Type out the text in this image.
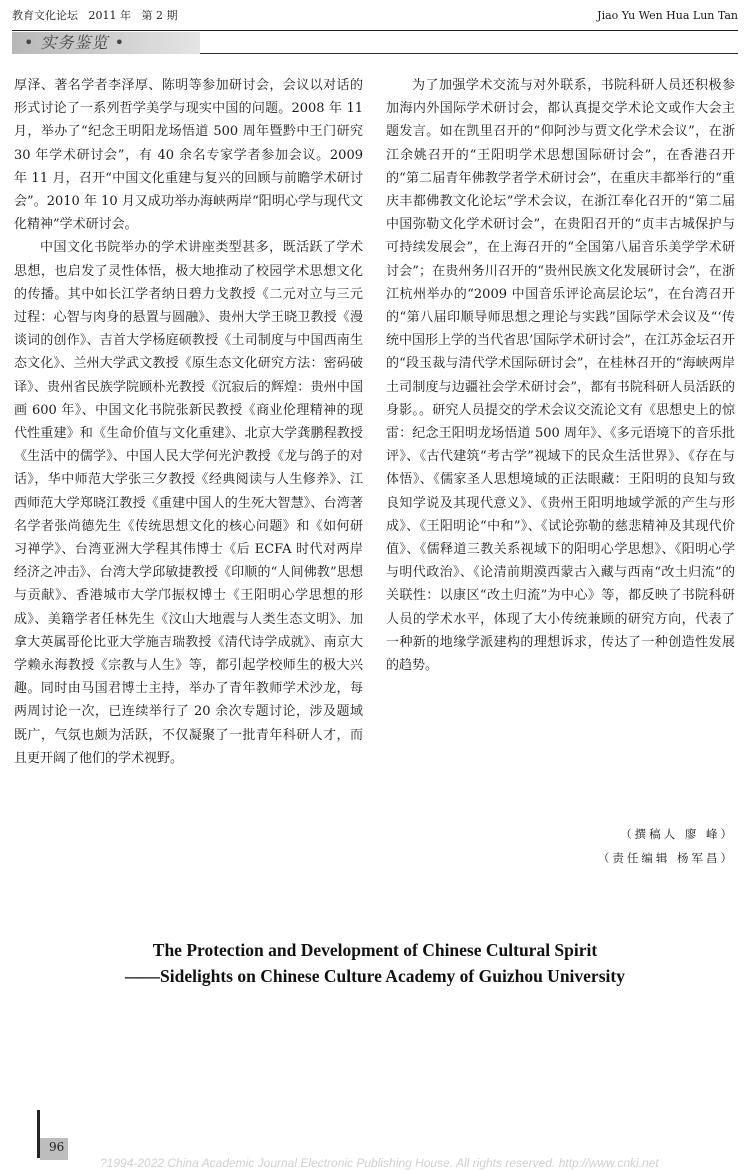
教育文化论坛   2011 年   第 2 期	Jiao Yu Wen Hua Lun Tan
• 实务鉴览 •

厚泽、著名学者李泽厚、陈明等参加研讨会，会议以对话的形式讨论了一系列哲学美学与现实中国的问题。2008 年 11 月，举办了“纪念王明阳龙场悟道 500 周年暨黔中王门研究 30 年学术研讨会”，有 40 余名专家学者参加会议。2009 年 11 月，召开“中国文化重建与复兴的回顾与前瞻学术研讨会”。2010 年 10 月又成功举办海峡两岸“阳明心学与现代文化精神”学术研讨会。

中国文化书院举办的学术讲座类型甚多，既活跃了学术思想，也启发了灵性体悟，极大地推动了校园学术思想文化的传播。其中如长江学者纳日碧力戈教授《二元对立与三元过程：心智与肉身的悬置与圆融》、贵州大学王晓卫教授《漫谈词的创作》、吉首大学杨庭硕教授《土司制度与中国西南生态文化》、兰州大学武文教授《原生态文化研究方法：密码破译》、贵州省民族学院顾朴光教授《沉寂后的辉煌：贵州中国画 600 年》、中国文化书院张新民教授《商业伦理精神的现代性重建》和《生命价值与文化重建》、北京大学龚鹏程教授《生活中的儒学》、中国人民大学何光沪教授《龙与鸽子的对话》，华中师范大学张三夕教授《经典阅读与人生修养》、江西师范大学郑晓江教授《重建中国人的生死大智慧》、台湾著名学者张尚德先生《传统思想文化的核心问题》和《如何研习禅学》、台湾亚洲大学程其伟博士《后 ECFA 时代对两岸经济之冲击》、台湾大学邱敏捷教授《印顺的“人间佛教”思想与贡献》、香港城市大学邝振权博士《王阳明心学思想的形成》、美籍学者任林先生《汶山大地震与人类生态文明》、加拿大英属哥伦比亚大学施吉瑞教授《清代诗学成就》、南京大学赖永海教授《宗教与人生》等，都引起学校师生的极大兴趣。同时由马国君博士主持，举办了青年教师学术沙龙，每两周讨论一次，已连续举行了 20 余次专题讨论，涉及题域既广，气氛也颇为活跃，不仅凝聚了一批青年科研人才，而且更开阔了他们的学术视野。

为了加强学术交流与对外联系，书院科研人员还积极参加海内外国际学术研讨会，都认真提交学术论文或作大会主题发言。如在凯里召开的“仰阿沙与贾文化学术会议”，在浙江余姚召开的“王阳明学术思想国际研讨会”，在香港召开的“第二届青年佛教学者学术研讨会”，在重庆丰都举行的“重庆丰都佛教文化论坛”学术会议，在浙江奉化召开的“第二届中国弥勒文化学术研讨会”，在贵阳召开的“贞丰古城保护与可持续发展会”，在上海召开的“全国第八届音乐美学学术研讨会”；在贵州务川召开的“贵州民族文化发展研讨会”，在浙江杭州举办的“2009 中国音乐评论高层论坛”，在台湾召开的“第八届印顺导师思想之理论与实践”国际学术会议及“‘传统中国形上学的当代省思’国际学术研讨会”，在江苏金坛召开的“段玉裁与清代学术国际研讨会”，在桂林召开的“海峡两岸土司制度与边疆社会学术研讨会”，都有书院科研人员活跃的身影。。研究人员提交的学术会议交流论文有《思想史上的惊雷：纪念王阳明龙场悟道 500 周年》、《多元语境下的音乐批评》、《古代建筑“考古学”视域下的民众生活世界》、《存在与体悟》、《儒家圣人思想境域的正法眼藏：王阳明的良知与致良知学说及其现代意义》、《贵州王阳明地域学派的产生与形成》、《王阳明论“中和”》、《试论弥勒的慈悲精神及其现代价值》、《儒释道三教关系视域下的阳明心学思想》、《阳明心学与明代政治》、《论清前期漠西蒙古入藏与西南“改土归流”的关联性：以康区“改土归流”为中心》等，都反映了书院科研人员的学术水平，体现了大小传统兼顾的研究方向，代表了一种新的地缘学派建构的理想诉求，传达了一种创造性发展的趋势。

（撰稿人 廖 峰）
（责任编辑 杨军昌）
The Protection and Development of Chinese Cultural Spirit
——Sidelights on Chinese Culture Academy of Guizhou University
96
?1994-2022 China Academic Journal Electronic Publishing House. All rights reserved. http://www.cnki.net
